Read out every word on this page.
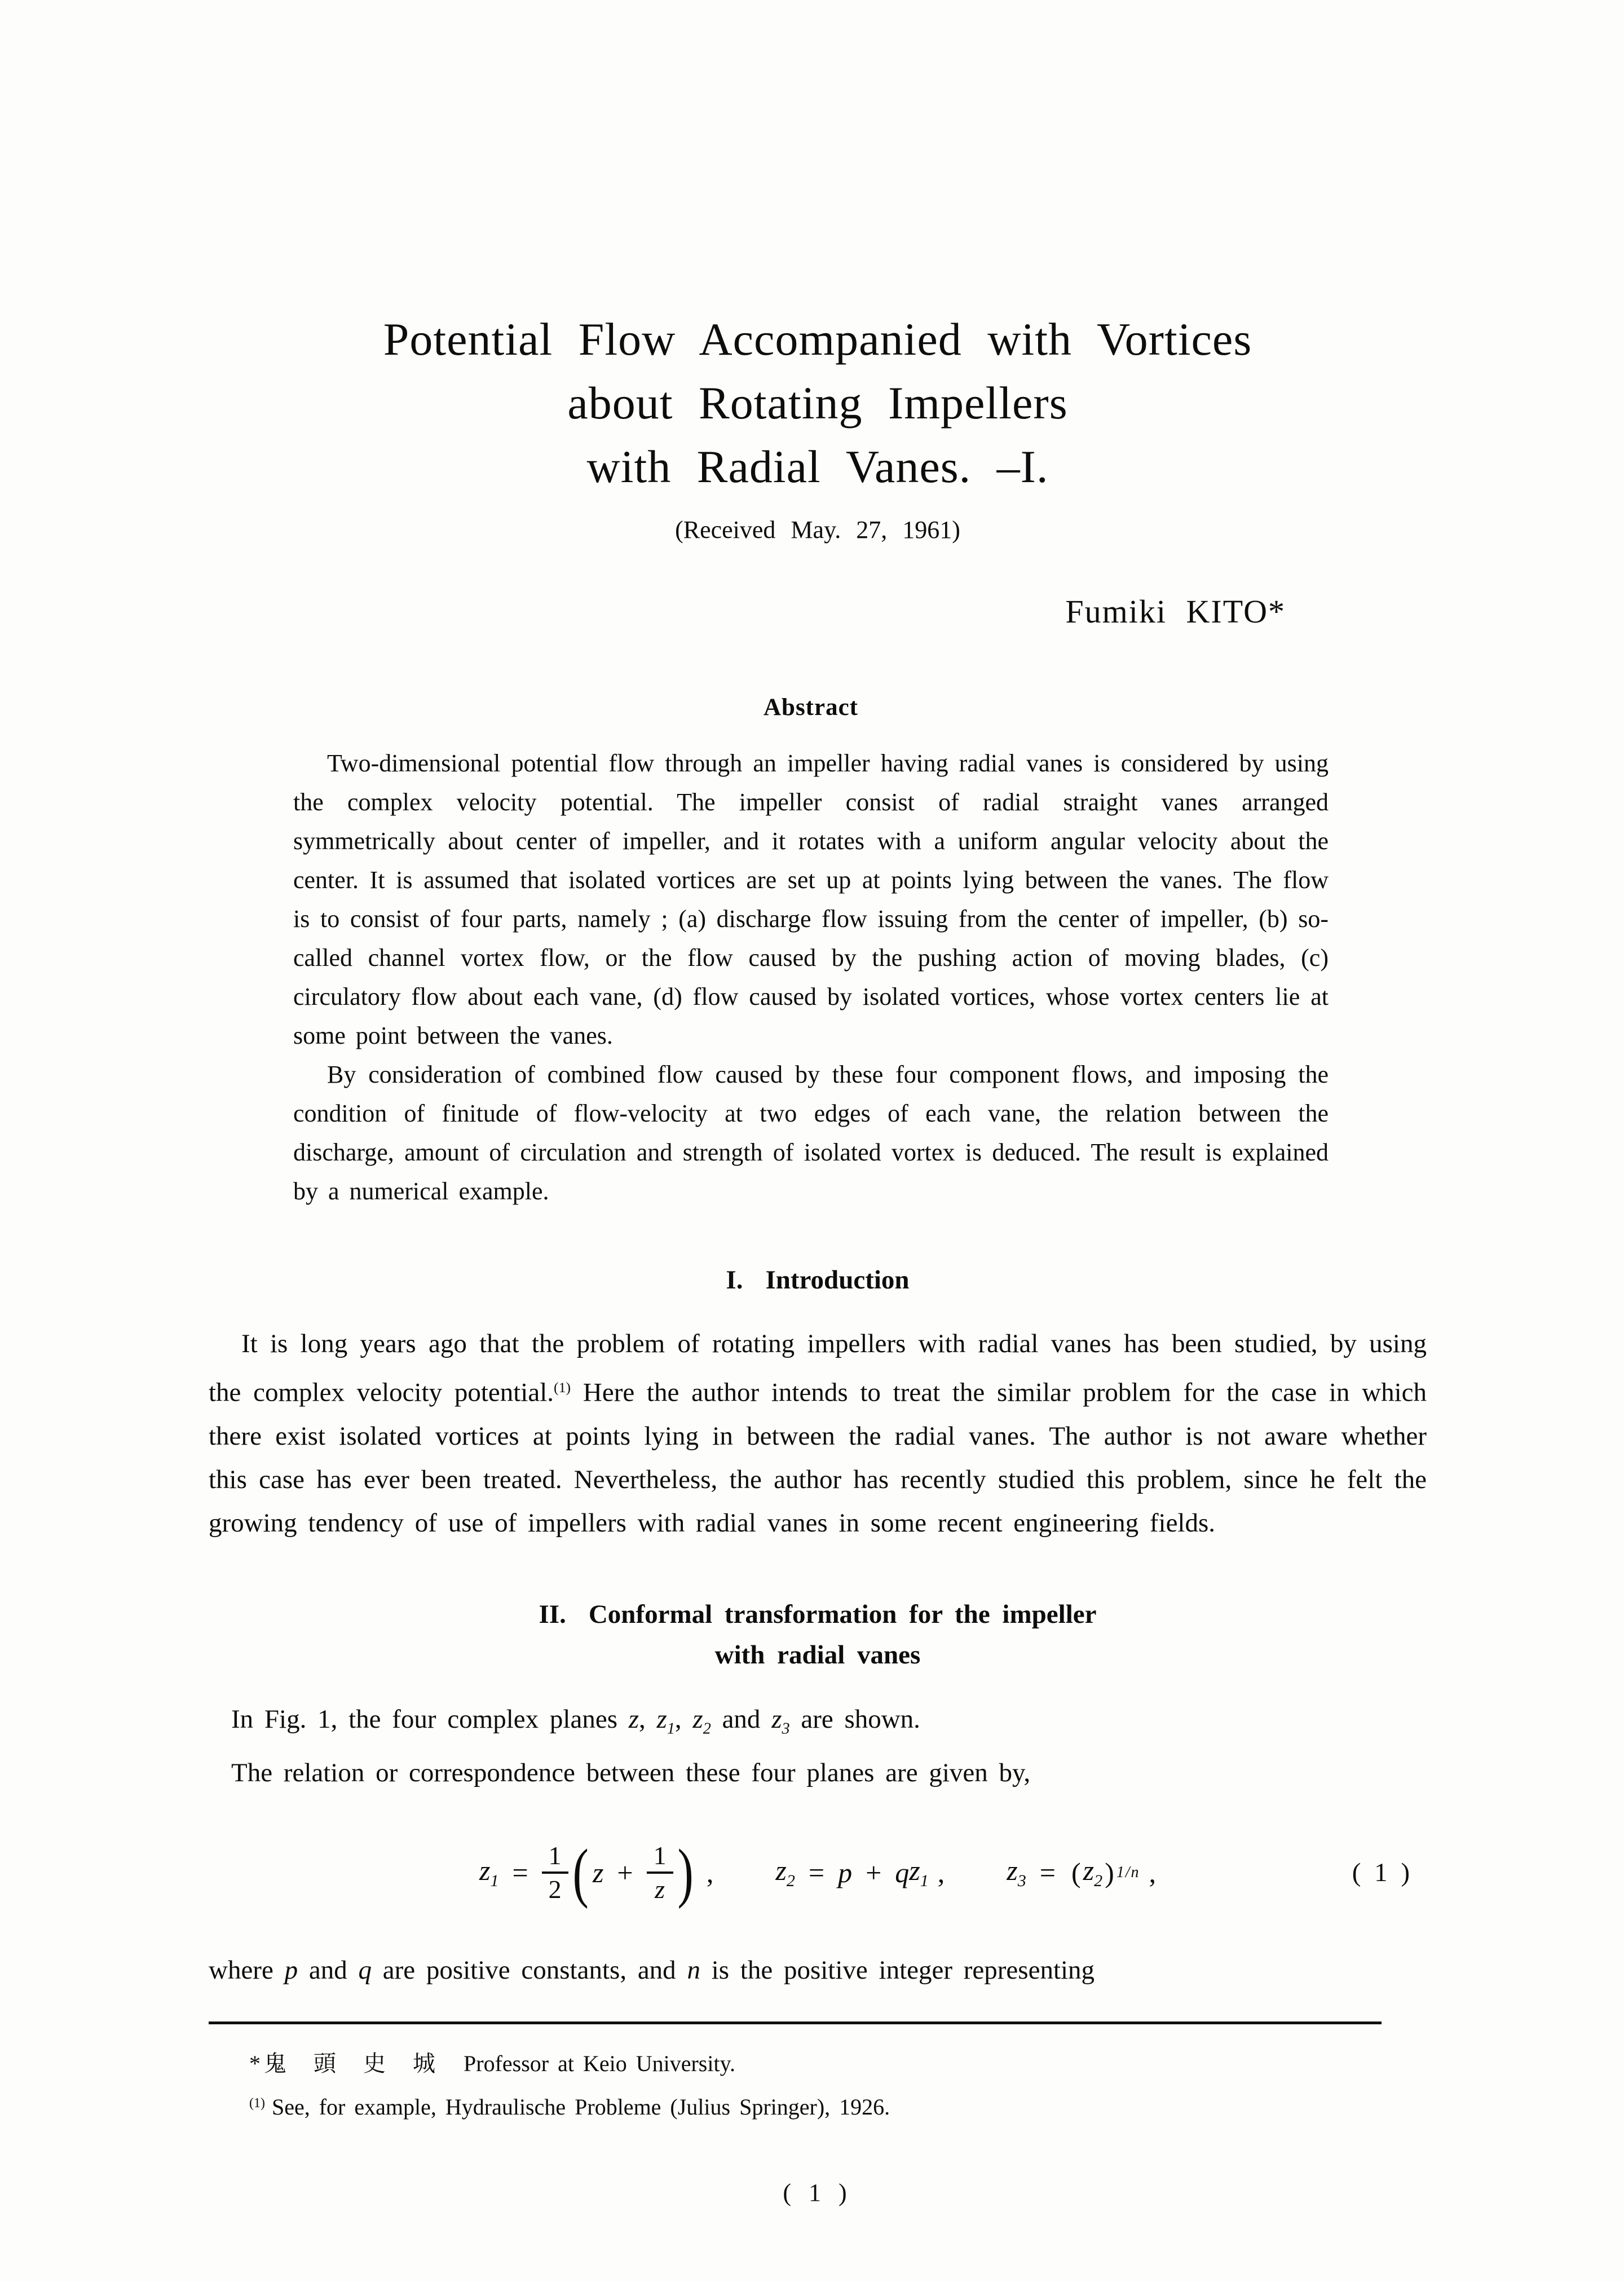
Potential Flow Accompanied with Vortices
about Rotating Impellers
with Radial Vanes. –I.
(Received May. 27, 1961)
Fumiki KITO*
Abstract

Two-dimensional potential flow through an impeller having radial vanes is considered by using the complex velocity potential. The impeller consist of radial straight vanes arranged symmetrically about center of impeller, and it rotates with a uniform angular velocity about the center. It is assumed that isolated vortices are set up at points lying between the vanes. The flow is to consist of four parts, namely ; (a) discharge flow issuing from the center of impeller, (b) so-called channel vortex flow, or the flow caused by the pushing action of moving blades, (c) circulatory flow about each vane, (d) flow caused by isolated vortices, whose vortex centers lie at some point between the vanes.

By consideration of combined flow caused by these four component flows, and imposing the condition of finitude of flow-velocity at two edges of each vane, the relation between the discharge, amount of circulation and strength of isolated vortex is deduced. The result is explained by a numerical example.

I. Introduction

It is long years ago that the problem of rotating impellers with radial vanes has been studied, by using the complex velocity potential.$^{(1)}$ Here the author intends to treat the similar problem for the case in which there exist isolated vortices at points lying in between the radial vanes. The author is not aware whether this case has ever been treated. Nevertheless, the author has recently studied this problem, since he felt the growing tendency of use of impellers with radial vanes in some recent engineering fields.

II. Conformal transformation for the impeller
with radial vanes

In Fig. 1, the four complex planes z, $z_1$, $z_2$ and $z_3$ are shown.

The relation or correspondence between these four planes are given by,

$z_1 = \frac{1}{2}$ ( $z + \frac{1}{z}$ ) , $z_2 = p + q$ $z_1$ , $z_3$ = ( $z_2$ ) 1/n ,	( 1 )

where p and q are positive constants, and n is the positive integer representing

* 鬼 頭 史 城 Professor at Keio University.

$^{(1)}$ See, for example, Hydraulische Probleme (Julius Springer), 1926.

( 1 )
